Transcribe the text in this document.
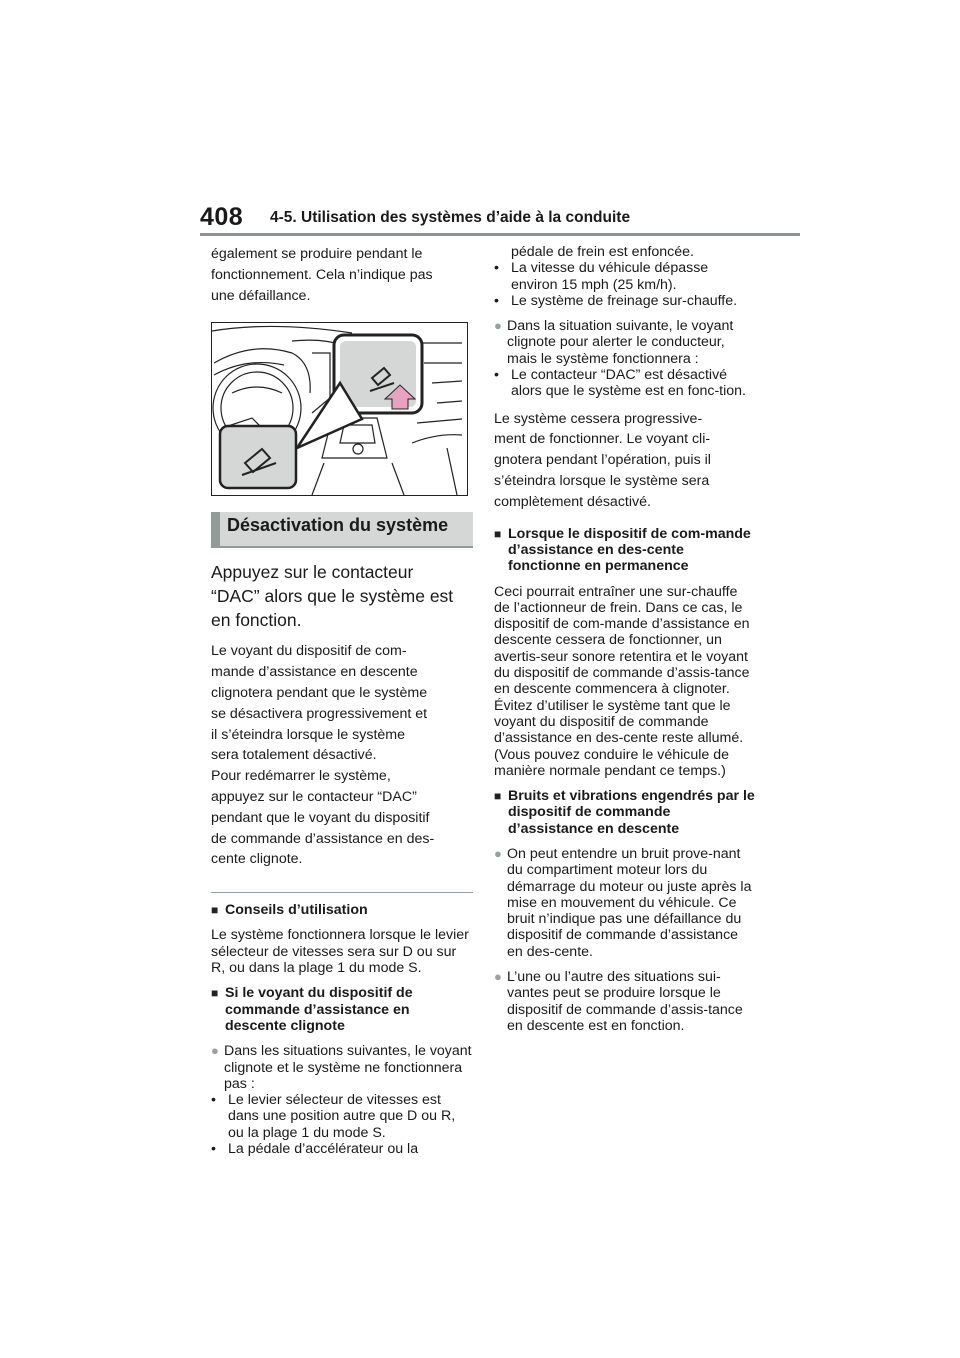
408 4-5. Utilisation des systèmes d’aide à la conduite

également se produire pendant le

fonctionnement. Cela n’indique pas

une défaillance.

Désactivation du système

Appuyez sur le contacteur

“DAC” alors que le système est

en fonction.

Le voyant du dispositif de com-

mande d’assistance en descente

clignotera pendant que le système

se désactivera progressivement et

il s’éteindra lorsque le système

sera totalement désactivé.

Pour redémarrer le système,

appuyez sur le contacteur “DAC”

pendant que le voyant du dispositif

de commande d’assistance en des-

cente clignote.

■ Conseils d’utilisation

Le système fonctionnera lorsque le levier sélecteur de vitesses sera sur D ou sur R, ou dans la plage 1 du mode S.

■ Si le voyant du dispositif de commande d’assistance en descente clignote

● Dans les situations suivantes, le voyant clignote et le système ne fonctionnera pas :

• Le levier sélecteur de vitesses est dans une position autre que D ou R, ou la plage 1 du mode S.

• La pédale d’accélérateur ou la

pédale de frein est enfoncée.

• La vitesse du véhicule dépasse environ 15 mph (25 km/h).

• Le système de freinage sur-chauffe.

● Dans la situation suivante, le voyant clignote pour alerter le conducteur, mais le système fonctionnera :

• Le contacteur “DAC” est désactivé alors que le système est en fonc-tion.

Le système cessera progressive-

ment de fonctionner. Le voyant cli-

gnotera pendant l’opération, puis il

s’éteindra lorsque le système sera

complètement désactivé.

■ Lorsque le dispositif de com-mande d’assistance en des-cente fonctionne en permanence

Ceci pourrait entraîner une sur-chauffe de l’actionneur de frein. Dans ce cas, le dispositif de com-mande d’assistance en descente cessera de fonctionner, un avertis-seur sonore retentira et le voyant du dispositif de commande d’assis-tance en descente commencera à clignoter. Évitez d’utiliser le système tant que le voyant du dispositif de commande d’assistance en des-cente reste allumé. (Vous pouvez conduire le véhicule de manière normale pendant ce temps.)

■ Bruits et vibrations engendrés par le dispositif de commande d’assistance en descente

● On peut entendre un bruit prove-nant du compartiment moteur lors du démarrage du moteur ou juste après la mise en mouvement du véhicule. Ce bruit n’indique pas une défaillance du dispositif de commande d’assistance en des-cente.

● L’une ou l’autre des situations sui-vantes peut se produire lorsque le dispositif de commande d’assis-tance en descente est en fonction.
